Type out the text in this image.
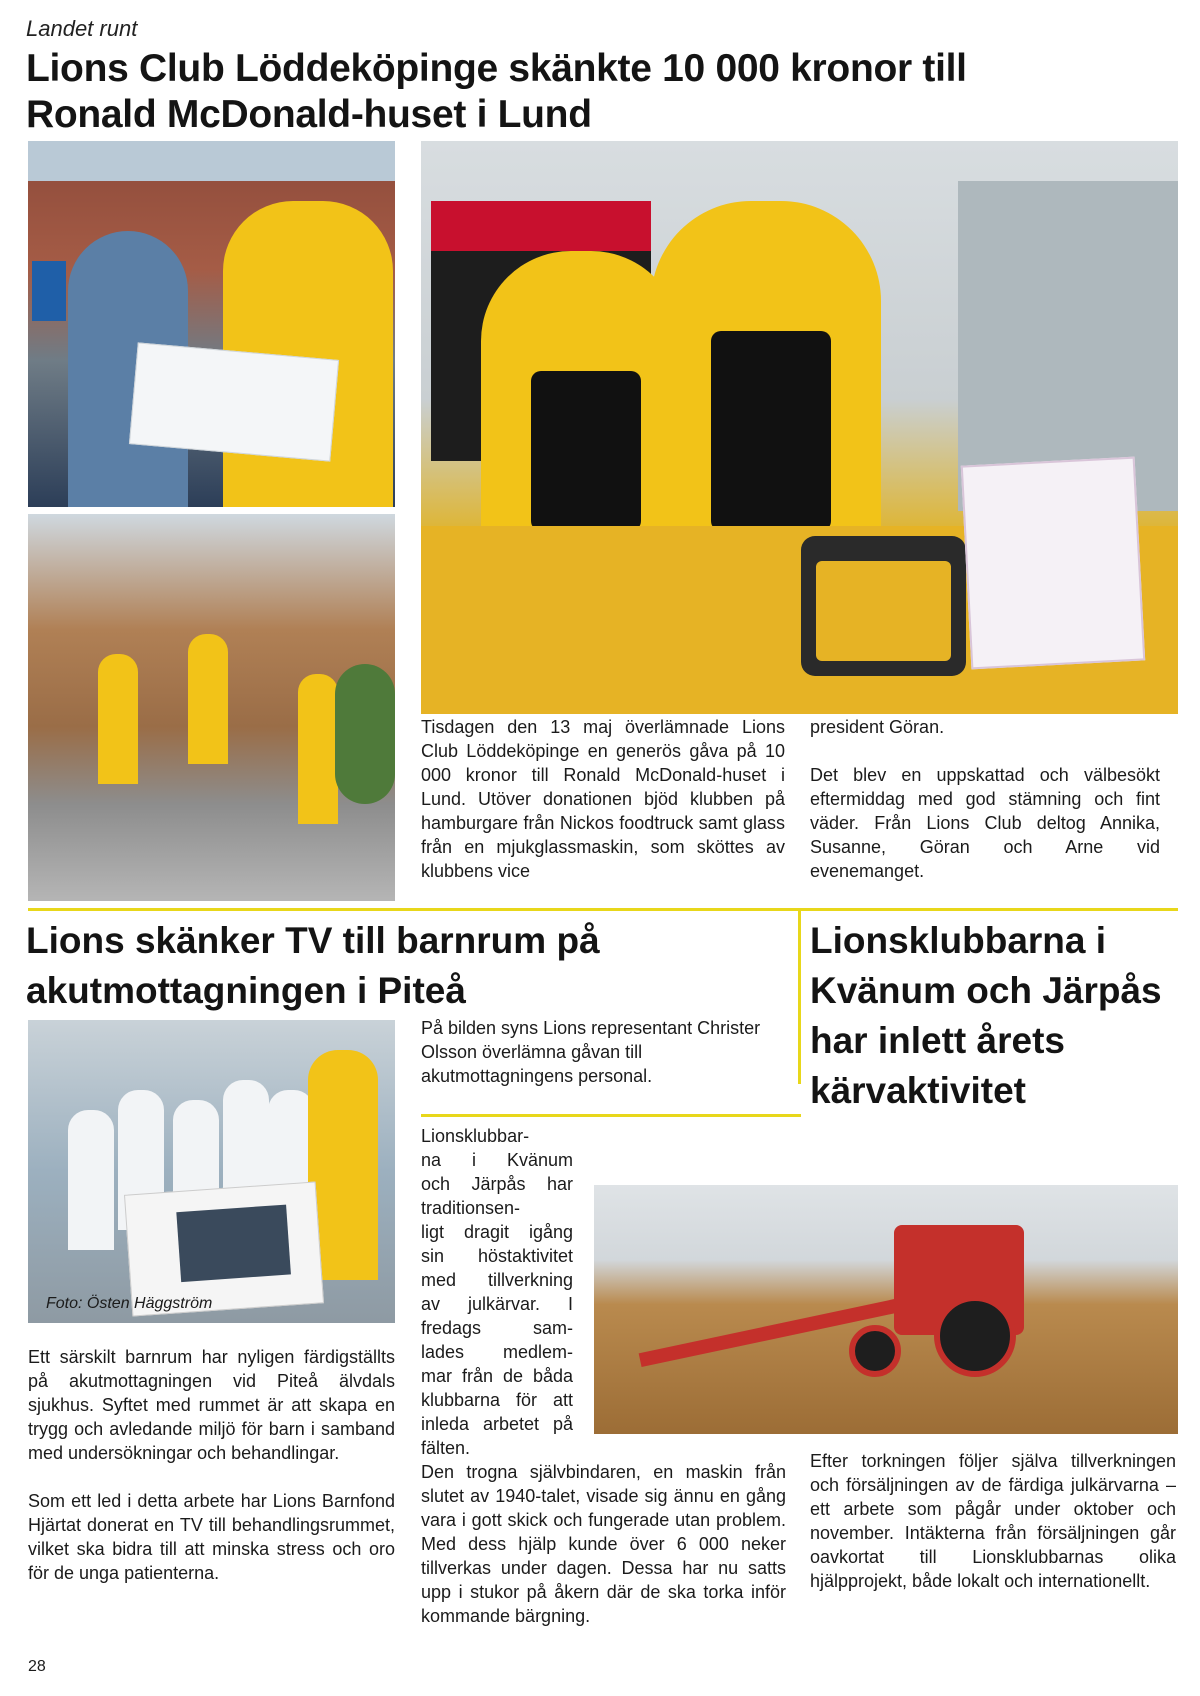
Landet runt
Lions Club Löddeköpinge skänkte 10 000 kronor till Ronald McDonald-huset i Lund

Tisdagen den 13 maj överlämnade Lions Club Löddeköpinge en generös gåva på 10 000 kronor till Ronald McDonald-huset i Lund. Utöver donationen bjöd klubben på hamburgare från Nickos foodtruck samt glass från en mjukglassmaskin, som sköttes av klubbens vice

president Göran.

Det blev en uppskattad och välbesökt eftermiddag med god stämning och fint väder. Från Lions Club deltog Annika, Susanne, Göran och Arne vid evenemanget.

Lions skänker TV till barnrum på akutmottagningen i Piteå
Lionsklubbarna i Kvänum och Järpås har inlett årets kärvaktivitet
Foto: Östen Häggström

På bilden syns Lions representant Christer Olsson överlämna gåvan till akutmottagningens personal.

Ett särskilt barnrum har nyligen färdigställts på akutmottagningen vid Piteå älvdals sjukhus. Syftet med rummet är att skapa en trygg och avledande miljö för barn i samband med undersökningar och behandlingar.

Som ett led i detta arbete har Lions Barnfond Hjärtat donerat en TV till behandlingsrummet, vilket ska bidra till att minska stress och oro för de unga patienterna.

Lionsklubbar-
na i Kvänum
och Järpås har
traditionsen-
ligt dragit igång
sin höstaktivitet
med tillverkning
av julkärvar. I
fredags sam-
lades medlem-
mar från de båda
klubbarna för att
inleda arbetet på
fälten.

Den trogna självbindaren, en maskin från slutet av 1940-talet, visade sig ännu en gång vara i gott skick och fungerade utan problem. Med dess hjälp kunde över 6 000 neker tillverkas under dagen. Dessa har nu satts upp i stukor på åkern där de ska torka inför kommande bärgning.

Efter torkningen följer själva tillverkningen och försäljningen av de färdiga julkärvarna – ett arbete som pågår under oktober och november. Intäkterna från försäljningen går oavkortat till Lionsklubbarnas olika hjälpprojekt, både lokalt och internationellt.

28
